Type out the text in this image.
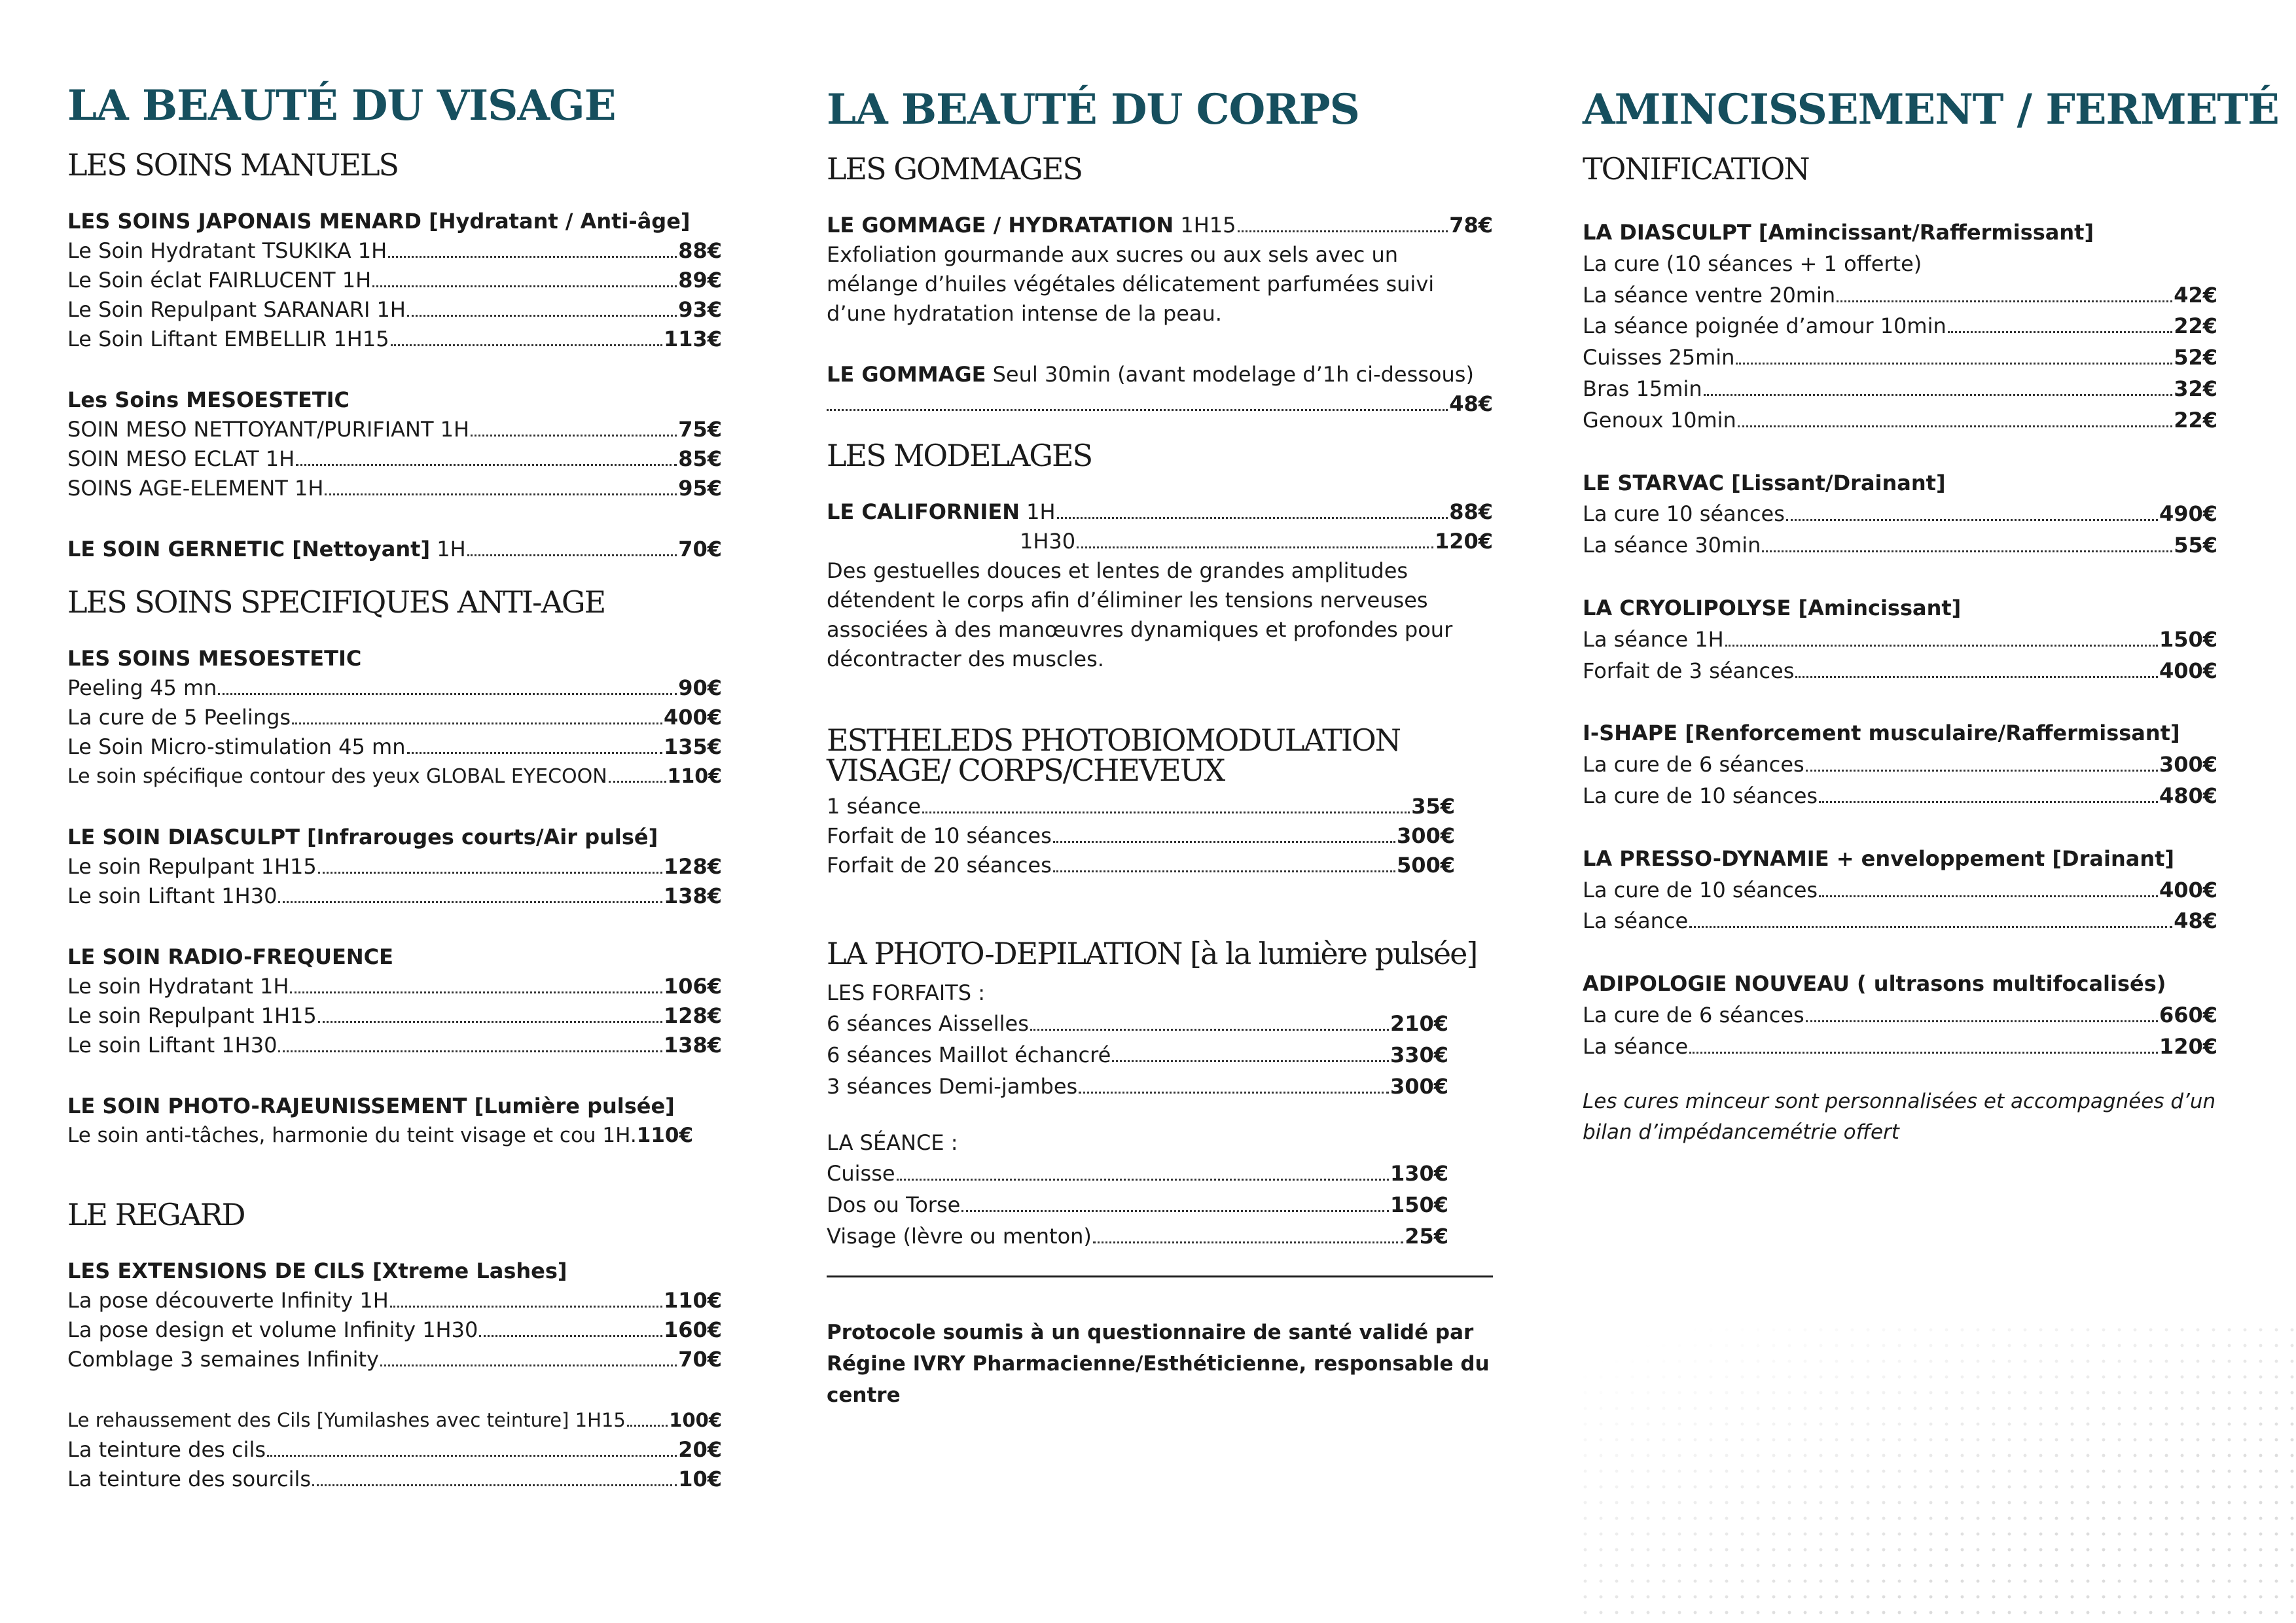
LA BEAUTÉ DU VISAGE
LES SOINS MANUELS
LES SOINS JAPONAIS MENARD [Hydratant / Anti-âge]
Le Soin Hydratant TSUKIKA 1H	88€
Le Soin éclat FAIRLUCENT 1H	89€
Le Soin Repulpant SARANARI 1H	93€
Le Soin Liftant EMBELLIR 1H15	113€
Les Soins MESOESTETIC
SOIN MESO NETTOYANT/PURIFIANT 1H	75€
SOIN MESO ECLAT 1H	85€
SOINS AGE-ELEMENT 1H	95€
LE SOIN GERNETIC [Nettoyant] 1H	70€
LES SOINS SPECIFIQUES ANTI-AGE
LES SOINS MESOESTETIC
Peeling 45 mn	90€
La cure de 5 Peelings	400€
Le Soin Micro-stimulation 45 mn	135€
Le soin spécifique contour des yeux GLOBAL EYECOON	110€
LE SOIN DIASCULPT [Infrarouges courts/Air pulsé]
Le soin Repulpant 1H15	128€
Le soin Liftant 1H30	138€
LE SOIN RADIO-FREQUENCE
Le soin Hydratant 1H	106€
Le soin Repulpant 1H15	128€
Le soin Liftant 1H30	138€
LE SOIN PHOTO-RAJEUNISSEMENT [Lumière pulsée]
Le soin anti-tâches, harmonie du teint visage et cou 1H. 110€
LE REGARD
LES EXTENSIONS DE CILS [Xtreme Lashes]
La pose découverte Infinity 1H	110€
La pose design et volume Infinity 1H30	160€
Comblage 3 semaines Infinity	70€
Le rehaussement des Cils [Yumilashes avec teinture] 1H15 100€
La teinture des cils	20€
La teinture des sourcils	10€
LA BEAUTÉ DU CORPS
LES GOMMAGES
LE GOMMAGE / HYDRATATION 1H15	78€
Exfoliation gourmande aux sucres ou aux sels avec un mélange d’huiles végétales délicatement parfumées suivi d’une hydratation intense de la peau.
LE GOMMAGE Seul 30min (avant modelage d’1h ci-dessous)
48€
LES MODELAGES
LE CALIFORNIEN 1H	88€
1H30	120€
Des gestuelles douces et lentes de grandes amplitudes détendent le corps afin d’éliminer les tensions nerveuses associées à des manœuvres dynamiques et profondes pour décontracter des muscles.
ESTHELEDS PHOTOBIOMODULATION VISAGE/ CORPS/CHEVEUX
1 séance	35€
Forfait de 10 séances	300€
Forfait de 20 séances	500€
LA PHOTO-DEPILATION [à la lumière pulsée]
LES FORFAITS :
6 séances Aisselles	210€
6 séances Maillot échancré	330€
3 séances Demi-jambes	300€
LA SÉANCE :
Cuisse	130€
Dos ou Torse	150€
Visage (lèvre ou menton)	25€
Protocole soumis à un questionnaire de santé validé par Régine IVRY Pharmacienne/Esthéticienne, responsable du centre
AMINCISSEMENT / FERMETÉ
TONIFICATION
LA DIASCULPT [Amincissant/Raffermissant]
La cure (10 séances + 1 offerte)
La séance ventre 20min	42€
La séance poignée d’amour 10min	22€
Cuisses 25min	52€
Bras 15min	32€
Genoux 10min	22€
LE STARVAC [Lissant/Drainant]
La cure 10 séances	490€
La séance 30min	55€
LA CRYOLIPOLYSE [Amincissant]
La séance 1H	150€
Forfait de 3 séances	400€
I-SHAPE [Renforcement musculaire/Raffermissant]
La cure de 6 séances	300€
La cure de 10 séances	480€
LA PRESSO-DYNAMIE + enveloppement [Drainant]
La cure de 10 séances	400€
La séance	48€
ADIPOLOGIE NOUVEAU ( ultrasons multifocalisés)
La cure de 6 séances	660€
La séance	120€
Les cures minceur sont personnalisées et accompagnées d’un bilan d’impédancemétrie offert
